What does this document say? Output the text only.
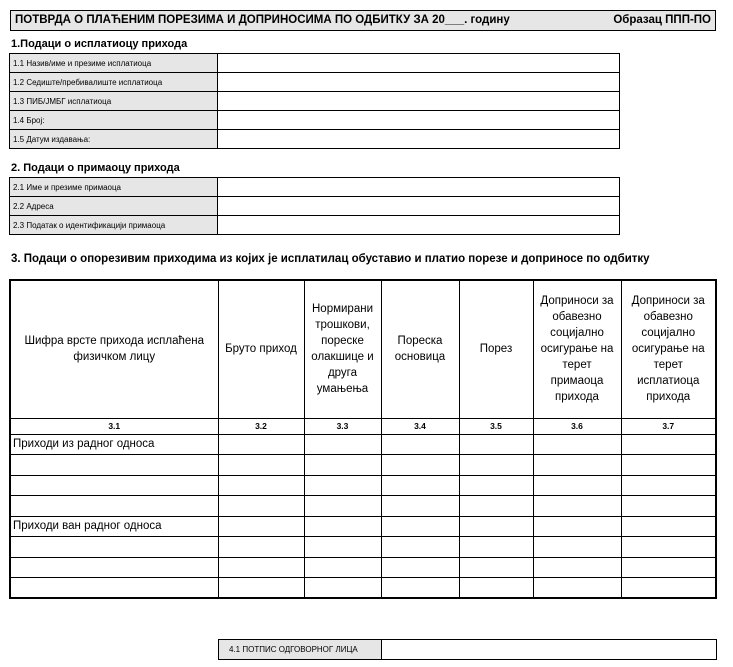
ПОТВРДА О ПЛАЋЕНИМ ПОРЕЗИМА И ДОПРИНОСИМА ПО ОДБИТКУ ЗА 20___. годину	Образац ППП-ПО
1.Подаци о исплатиоцу прихода
1.1 Назив/име и презиме исплатиоца	
1.2 Седиште/пребивалиште исплатиоца	
1.3 ПИБ/ЈМБГ исплатиоца	
1.4 Број:	
1.5 Датум издавања:	
2. Подаци о примаоцу прихода
2.1 Име и презиме примаоца	
2.2 Адреса	
2.3 Податак о идентификацији примаоца	
3. Подаци о опорезивим приходима из којих је исплатилац обуставио и платио порезе и доприносе по одбитку
Шифра врсте прихода исплаћена физичком лицу	Бруто приход	Нормирани трошкови, пореске олакшице и друга умањења	Пореска основица	Порез	Доприноси за обавезно социјално осигурање на терет примаоца прихода	Доприноси за обавезно социјално осигурање на терет исплатиоца прихода
3.1	3.2	3.3	3.4	3.5	3.6	3.7
Приходи из радног односа						

Приходи ван радног односа						

4.1 ПОТПИС ОДГОВОРНОГ ЛИЦА	
